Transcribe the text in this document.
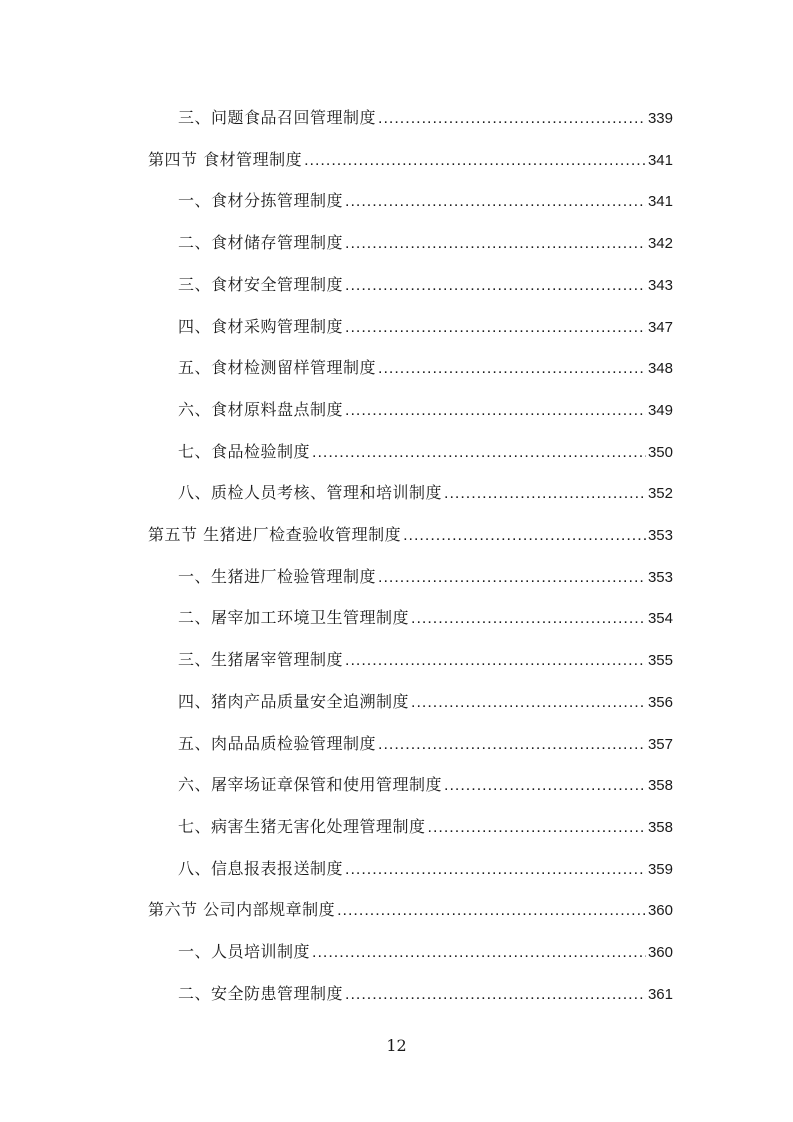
三、问题食品召回管理制度 .....	339
第四节 食材管理制度 .....	341
一、食材分拣管理制度 .....	341
二、食材储存管理制度 .....	342
三、食材安全管理制度 .....	343
四、食材采购管理制度 .....	347
五、食材检测留样管理制度 .....	348
六、食材原料盘点制度 .....	349
七、食品检验制度 .....	350
八、质检人员考核、管理和培训制度 .....	352
第五节 生猪进厂检查验收管理制度 .....	353
一、生猪进厂检验管理制度 .....	353
二、屠宰加工环境卫生管理制度 .....	354
三、生猪屠宰管理制度 .....	355
四、猪肉产品质量安全追溯制度 .....	356
五、肉品品质检验管理制度 .....	357
六、屠宰场证章保管和使用管理制度 .....	358
七、病害生猪无害化处理管理制度 .....	358
八、信息报表报送制度 .....	359
第六节 公司内部规章制度 .....	360
一、人员培训制度 .....	360
二、安全防患管理制度 .....	361
12
